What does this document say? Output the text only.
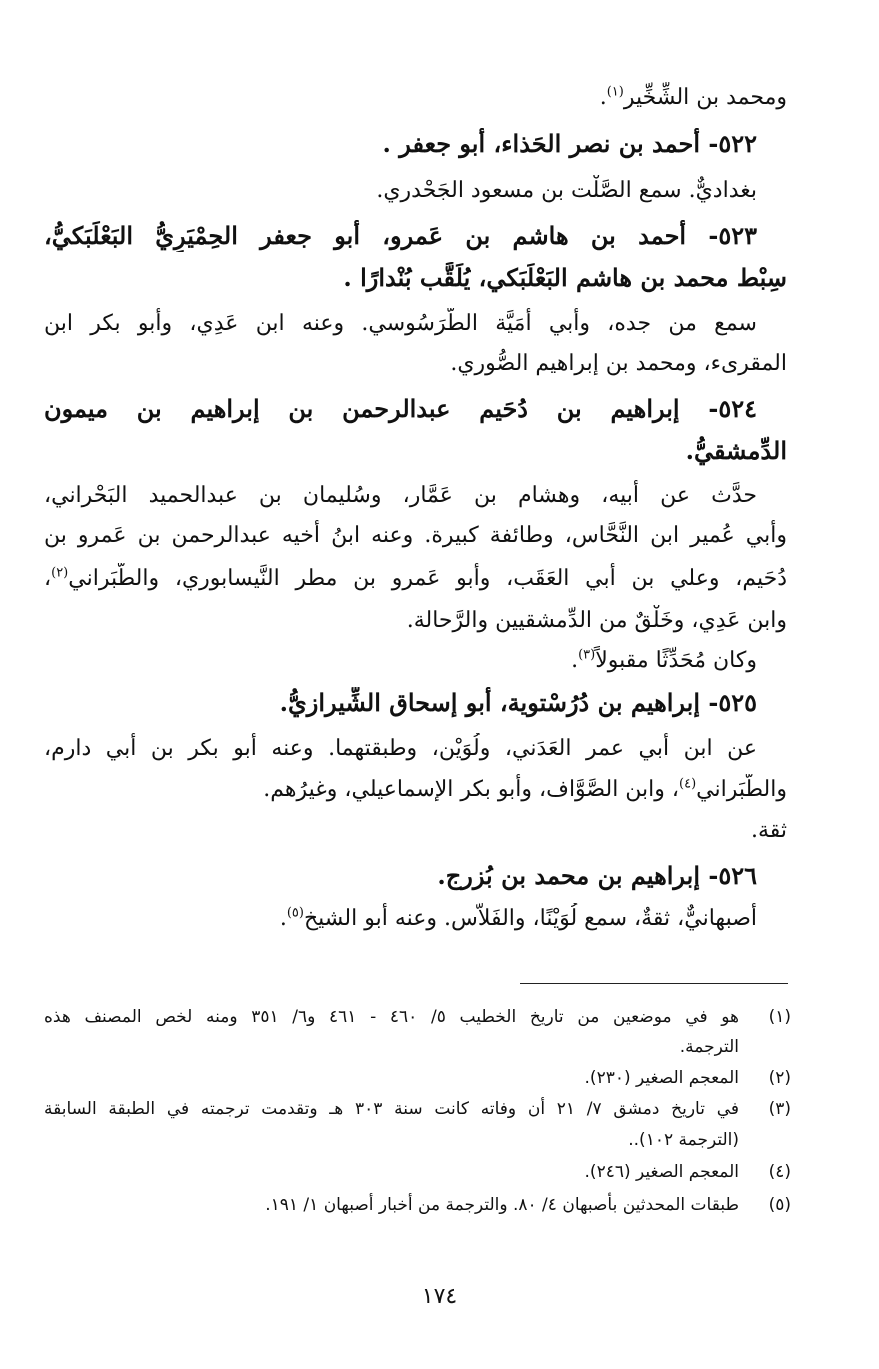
ومحمد بن الشِّخِّير$^{(١)}$.
٥٢٢- أحمد بن نصر الحَذاء، أبو جعفر .
بغداديٌّ. سمع الصَّلْت بن مسعود الجَحْدري.
٥٢٣- أحمد بن هاشم بن عَمرو، أبو جعفر الحِمْيَرِيُّ البَعْلَبَكيُّ،
سِبْط محمد بن هاشم البَعْلَبَكي، يُلَقَّب بُنْدارًا .
سمع من جده، وأبي أُمَيَّة الطَّرَسُوسي. وعنه ابن عَدِي، وأبو بكر ابن
المقرىء، ومحمد بن إبراهيم الصُّوري.
٥٢٤- إبراهيم بن دُحَيم عبدالرحمن بن إبراهيم بن ميمون
الدِّمشقيُّ.
حدَّث عن أبيه، وهشام بن عَمَّار، وسُليمان بن عبدالحميد البَحْراني،
وأبي عُمير ابن النَّحَّاس، وطائفة كبيرة. وعنه ابنُ أخيه عبدالرحمن بن عَمرو بن
دُحَيم، وعلي بن أبي العَقَب، وأبو عَمرو بن مطر النَّيسابوري، والطَّبَراني$^{(٢)}$،
وابن عَدِي، وخَلْقٌ من الدِّمشقيين والرَّحالة.
وكان مُحَدِّثًا مقبولاً$^{(٣)}$.
٥٢٥- إبراهيم بن دُرُسْتوية، أبو إسحاق الشِّيرازيُّ.
عن ابن أبي عمر العَدَني، ولُوَيْن، وطبقتهما. وعنه أبو بكر بن أبي دارم،
والطَّبَراني$^{(٤)}$، وابن الصَّوَّاف، وأبو بكر الإسماعيلي، وغيرُهم.
ثقة.
٥٢٦- إبراهيم بن محمد بن بُزرج.
أصبهانيٌّ، ثقةٌ، سمع لُوَيْنًا، والفَلاَّس. وعنه أبو الشيخ$^{(٥)}$.
(١)
هو في موضعين من تاريخ الخطيب ٥/ ٤٦٠ - ٤٦١ و٦/ ٣٥١ ومنه لخص المصنف هذه
الترجمة.
(٢)
المعجم الصغير (٢٣٠).
(٣)
في تاريخ دمشق ٧/ ٢١ أن وفاته كانت سنة ٣٠٣ هـ وتقدمت ترجمته في الطبقة السابقة
(الترجمة ١٠٢)..
(٤)
المعجم الصغير (٢٤٦).
(٥)
طبقات المحدثين بأصبهان ٤/ ٨٠. والترجمة من أخبار أصبهان ١/ ١٩١.
١٧٤
